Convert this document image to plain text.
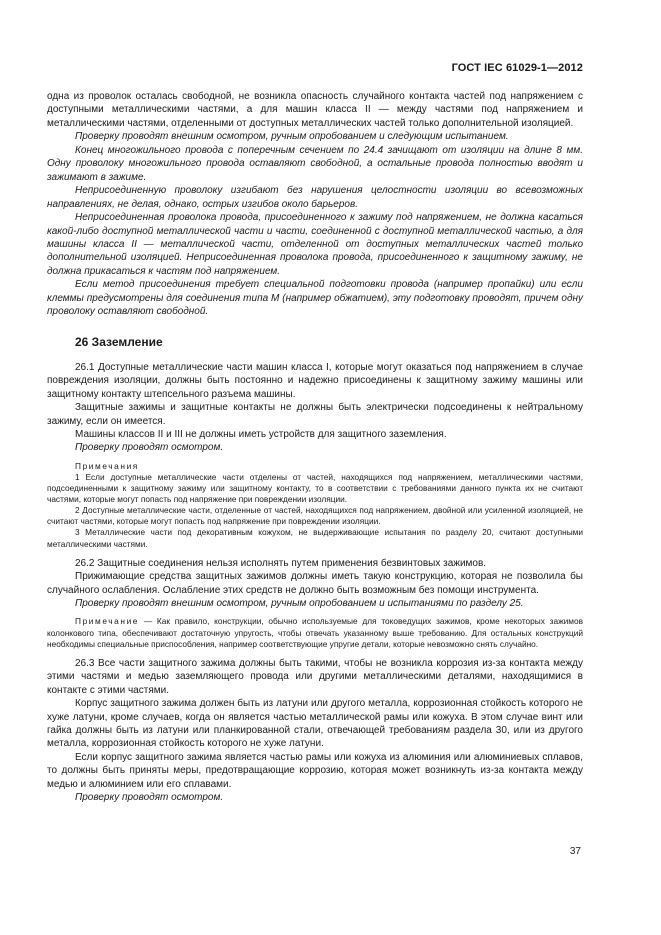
ГОСТ IEC 61029-1—2012

одна из проволок осталась свободной, не возникла опасность случайного контакта частей под напряжением с доступными металлическими частями, а для машин класса II — между частями под напряжением и металлическими частями, отделенными от доступных металлических частей только дополнительной изоляцией.

Проверку проводят внешним осмотром, ручным опробованием и следующим испытанием.

Конец многожильного провода с поперечным сечением по 24.4 зачищают от изоляции на длине 8 мм. Одну проволоку многожильного провода оставляют свободной, а остальные провода полностью вводят и зажимают в зажиме.

Неприсоединенную проволоку изгибают без нарушения целостности изоляции во всевозможных направлениях, не делая, однако, острых изгибов около барьеров.

Неприсоединенная проволока провода, присоединенного к зажиму под напряжением, не должна касаться какой-либо доступной металлической части и части, соединенной с доступной металлической частью, а для машины класса II — металлической части, отделенной от доступных металлических частей только дополнительной изоляцией. Неприсоединенная проволока провода, присоединенного к защитному зажиму, не должна прикасаться к частям под напряжением.

Если метод присоединения требует специальной подготовки провода (например пропайки) или если клеммы предусмотрены для соединения типа М (например обжатием), эту подготовку проводят, причем одну проволоку оставляют свободной.

26 Заземление

26.1 Доступные металлические части машин класса I, которые могут оказаться под напряжением в случае повреждения изоляции, должны быть постоянно и надежно присоединены к защитному зажиму машины или защитному контакту штепсельного разъема машины.

Защитные зажимы и защитные контакты не должны быть электрически подсоединены к нейтральному зажиму, если он имеется.

Машины классов II и III не должны иметь устройств для защитного заземления.

Проверку проводят осмотром.

Примечания

1 Если доступные металлические части отделены от частей, находящихся под напряжением, металлическими частями, подсоединенными к защитному зажиму или защитному контакту, то в соответствии с требованиями данного пункта их не считают частями, которые могут попасть под напряжение при повреждении изоляции.

2 Доступные металлические части, отделенные от частей, находящихся под напряжением, двойной или усиленной изоляцией, не считают частями, которые могут попасть под напряжение при повреждении изоляции.

3 Металлические части под декоративным кожухом, не выдерживающие испытания по разделу 20, считают доступными металлическими частями.

26.2 Защитные соединения нельзя исполнять путем применения безвинтовых зажимов.

Прижимающие средства защитных зажимов должны иметь такую конструкцию, которая не позволила бы случайного ослабления. Ослабление этих средств не должно быть возможным без помощи инструмента.

Проверку проводят внешним осмотром, ручным опробованием и испытаниями по разделу 25.

Примечание — Как правило, конструкции, обычно используемые для токоведущих зажимов, кроме некоторых зажимов колонкового типа, обеспечивают достаточную упругость, чтобы отвечать указанному выше требованию. Для остальных конструкций необходимы специальные приспособления, например соответствующие упругие детали, которые невозможно снять случайно.

26.3 Все части защитного зажима должны быть такими, чтобы не возникла коррозия из-за контакта между этими частями и медью заземляющего провода или другими металлическими деталями, находящимися в контакте с этими частями.

Корпус защитного зажима должен быть из латуни или другого металла, коррозионная стойкость которого не хуже латуни, кроме случаев, когда он является частью металлической рамы или кожуха. В этом случае винт или гайка должны быть из латуни или планкированной стали, отвечающей требованиям раздела 30, или из другого металла, коррозионная стойкость которого не хуже латуни.

Если корпус защитного зажима является частью рамы или кожуха из алюминия или алюминиевых сплавов, то должны быть приняты меры, предотвращающие коррозию, которая может возникнуть из-за контакта между медью и алюминием или его сплавами.

Проверку проводят осмотром.

37
